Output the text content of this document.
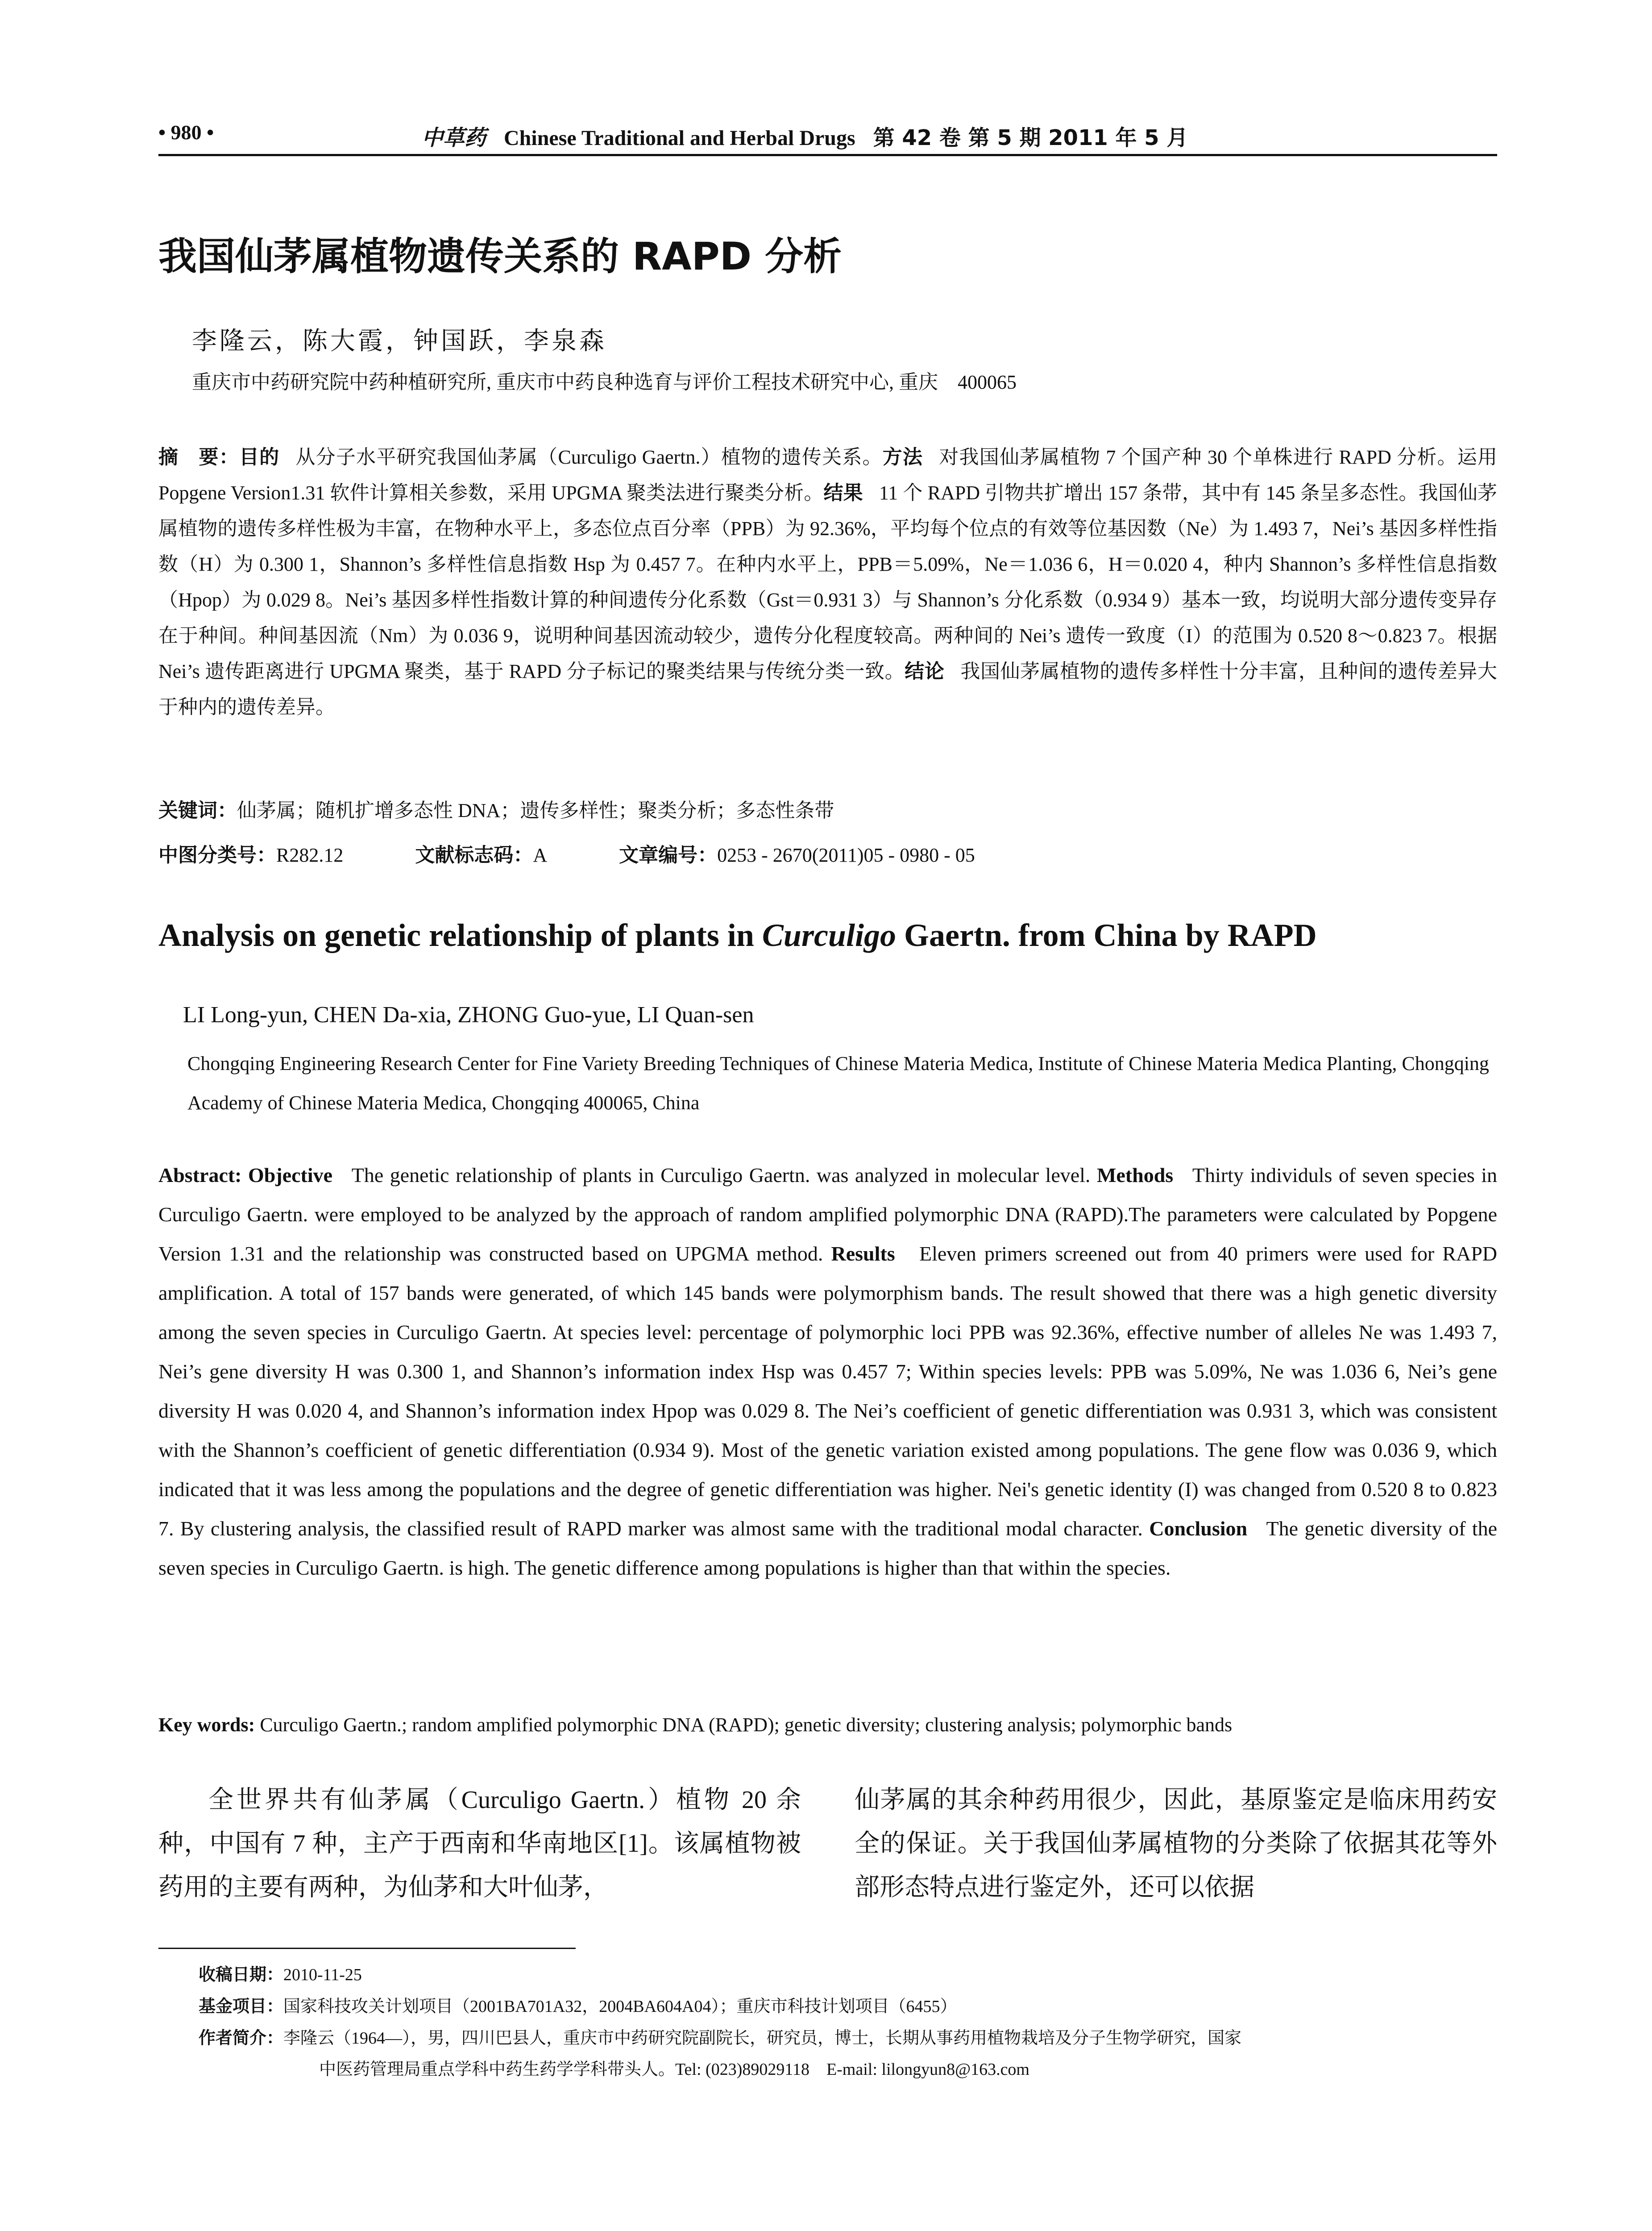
• 980 •	中草药 Chinese Traditional and Herbal Drugs 第 42 卷 第 5 期 2011 年 5 月
我国仙茅属植物遗传关系的 RAPD 分析
李隆云，陈大霞，钟国跃，李泉森
重庆市中药研究院中药种植研究所, 重庆市中药良种选育与评价工程技术研究中心, 重庆　400065
摘　要：目的 从分子水平研究我国仙茅属（Curculigo Gaertn.）植物的遗传关系。方法 对我国仙茅属植物 7 个国产种 30 个单株进行 RAPD 分析。运用 Popgene Version1.31 软件计算相关参数，采用 UPGMA 聚类法进行聚类分析。结果 11 个 RAPD 引物共扩增出 157 条带，其中有 145 条呈多态性。我国仙茅属植物的遗传多样性极为丰富，在物种水平上，多态位点百分率（PPB）为 92.36%，平均每个位点的有效等位基因数（Ne）为 1.493 7，Nei’s 基因多样性指数（H）为 0.300 1，Shannon’s 多样性信息指数 Hsp 为 0.457 7。在种内水平上，PPB＝5.09%，Ne＝1.036 6，H＝0.020 4，种内 Shannon’s 多样性信息指数（Hpop）为 0.029 8。Nei’s 基因多样性指数计算的种间遗传分化系数（Gst＝0.931 3）与 Shannon’s 分化系数（0.934 9）基本一致，均说明大部分遗传变异存在于种间。种间基因流（Nm）为 0.036 9，说明种间基因流动较少，遗传分化程度较高。两种间的 Nei’s 遗传一致度（I）的范围为 0.520 8～0.823 7。根据 Nei’s 遗传距离进行 UPGMA 聚类，基于 RAPD 分子标记的聚类结果与传统分类一致。结论 我国仙茅属植物的遗传多样性十分丰富，且种间的遗传差异大于种内的遗传差异。
关键词：仙茅属；随机扩增多态性 DNA；遗传多样性；聚类分析；多态性条带
中图分类号：R282.12	文献标志码：A	文章编号：0253 - 2670(2011)05 - 0980 - 05
Analysis on genetic relationship of plants in Curculigo Gaertn. from China by RAPD
LI Long-yun, CHEN Da-xia, ZHONG Guo-yue, LI Quan-sen
Chongqing Engineering Research Center for Fine Variety Breeding Techniques of Chinese Materia Medica, Institute of Chinese Materia Medica Planting, Chongqing Academy of Chinese Materia Medica, Chongqing 400065, China
Abstract: Objective The genetic relationship of plants in Curculigo Gaertn. was analyzed in molecular level. Methods Thirty individuls of seven species in Curculigo Gaertn. were employed to be analyzed by the approach of random amplified polymorphic DNA (RAPD).The parameters were calculated by Popgene Version 1.31 and the relationship was constructed based on UPGMA method. Results Eleven primers screened out from 40 primers were used for RAPD amplification. A total of 157 bands were generated, of which 145 bands were polymorphism bands. The result showed that there was a high genetic diversity among the seven species in Curculigo Gaertn. At species level: percentage of polymorphic loci PPB was 92.36%, effective number of alleles Ne was 1.493 7, Nei’s gene diversity H was 0.300 1, and Shannon’s information index Hsp was 0.457 7; Within species levels: PPB was 5.09%, Ne was 1.036 6, Nei’s gene diversity H was 0.020 4, and Shannon’s information index Hpop was 0.029 8. The Nei’s coefficient of genetic differentiation was 0.931 3, which was consistent with the Shannon’s coefficient of genetic differentiation (0.934 9). Most of the genetic variation existed among populations. The gene flow was 0.036 9, which indicated that it was less among the populations and the degree of genetic differentiation was higher. Nei's genetic identity (I) was changed from 0.520 8 to 0.823 7. By clustering analysis, the classified result of RAPD marker was almost same with the traditional modal character. Conclusion The genetic diversity of the seven species in Curculigo Gaertn. is high. The genetic difference among populations is higher than that within the species.
Key words: Curculigo Gaertn.; random amplified polymorphic DNA (RAPD); genetic diversity; clustering analysis; polymorphic bands
全世界共有仙茅属（Curculigo Gaertn.）植物 20 余种，中国有 7 种，主产于西南和华南地区[1]。该属植物被药用的主要有两种，为仙茅和大叶仙茅，
仙茅属的其余种药用很少，因此，基原鉴定是临床用药安全的保证。关于我国仙茅属植物的分类除了依据其花等外部形态特点进行鉴定外，还可以依据
收稿日期：2010-11-25
基金项目：国家科技攻关计划项目（2001BA701A32，2004BA604A04）；重庆市科技计划项目（6455）
作者简介：李隆云（1964—），男，四川巴县人，重庆市中药研究院副院长，研究员，博士，长期从事药用植物栽培及分子生物学研究，国家
中医药管理局重点学科中药生药学学科带头人。Tel: (023)89029118　E-mail: lilongyun8@163.com
